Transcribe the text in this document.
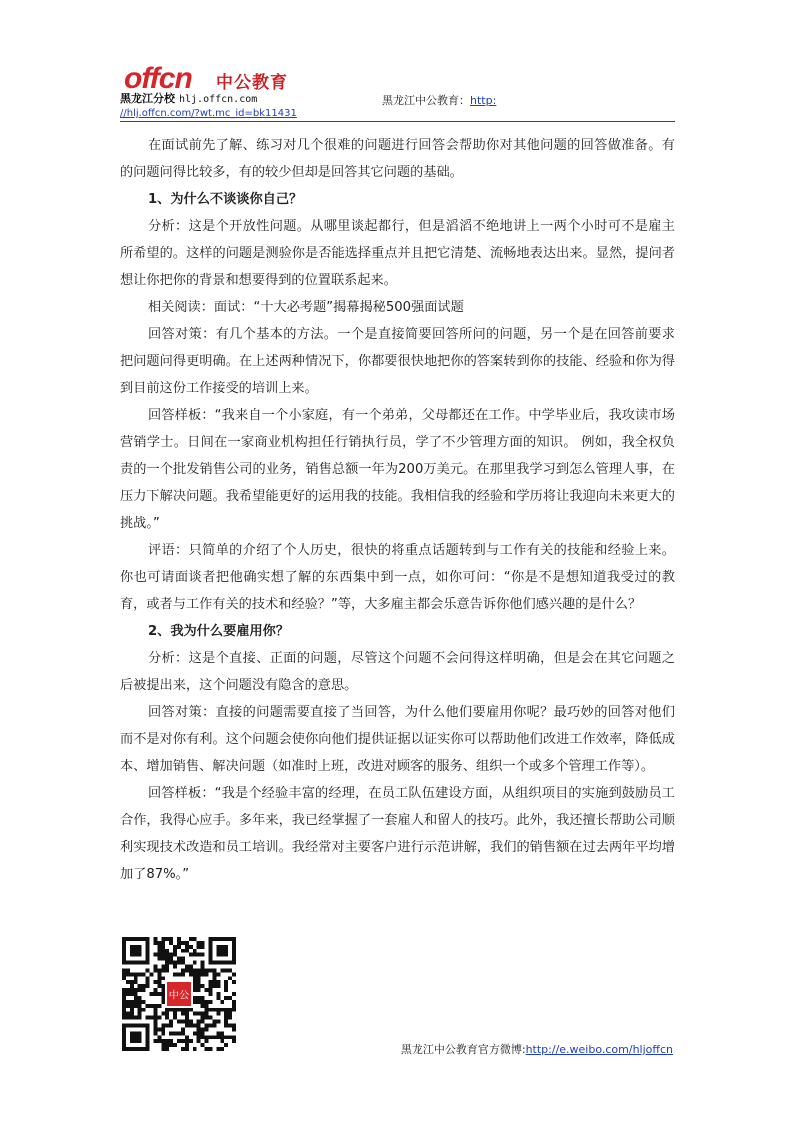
offcn 中公教育
黑龙江分校 hlj.offcn.com	黑龙江中公教育：http:
//hlj.offcn.com/?wt.mc_id=bk11431

在面试前先了解、练习对几个很难的问题进行回答会帮助你对其他问题的回答做准备。有的问题问得比较多，有的较少但却是回答其它问题的基础。

1、为什么不谈谈你自己？

分析：这是个开放性问题。从哪里谈起都行，但是滔滔不绝地讲上一两个小时可不是雇主所希望的。这样的问题是测验你是否能选择重点并且把它清楚、流畅地表达出来。显然，提问者想让你把你的背景和想要得到的位置联系起来。

相关阅读：面试：“十大必考题”揭幕揭秘500强面试题

回答对策：有几个基本的方法。一个是直接简要回答所问的问题，另一个是在回答前要求把问题问得更明确。在上述两种情况下，你都要很快地把你的答案转到你的技能、经验和你为得到目前这份工作接受的培训上来。

回答样板：“我来自一个小家庭，有一个弟弟，父母都还在工作。中学毕业后，我攻读市场营销学士。日间在一家商业机构担任行销执行员，学了不少管理方面的知识。 例如，我全权负责的一个批发销售公司的业务，销售总额一年为200万美元。在那里我学习到怎么管理人事，在压力下解决问题。我希望能更好的运用我的技能。我相信我的经验和学历将让我迎向未来更大的挑战。”

评语：只简单的介绍了个人历史，很快的将重点话题转到与工作有关的技能和经验上来。你也可请面谈者把他确实想了解的东西集中到一点，如你可问：“你是不是想知道我受过的教育，或者与工作有关的技术和经验？”等，大多雇主都会乐意告诉你他们感兴趣的是什么？

2、我为什么要雇用你？

分析：这是个直接、正面的问题，尽管这个问题不会问得这样明确，但是会在其它问题之后被提出来，这个问题没有隐含的意思。

回答对策：直接的问题需要直接了当回答，为什么他们要雇用你呢？最巧妙的回答对他们而不是对你有利。这个问题会使你向他们提供证据以证实你可以帮助他们改进工作效率，降低成本、增加销售、解决问题（如准时上班，改进对顾客的服务、组织一个或多个管理工作等）。

回答样板：“我是个经验丰富的经理，在员工队伍建设方面，从组织项目的实施到鼓励员工合作，我得心应手。多年来，我已经掌握了一套雇人和留人的技巧。此外，我还擅长帮助公司顺利实现技术改造和员工培训。我经常对主要客户进行示范讲解，我们的销售额在过去两年平均增加了87%。”

中公
黑龙江中公教育官方微博:http://e.weibo.com/hljoffcn
